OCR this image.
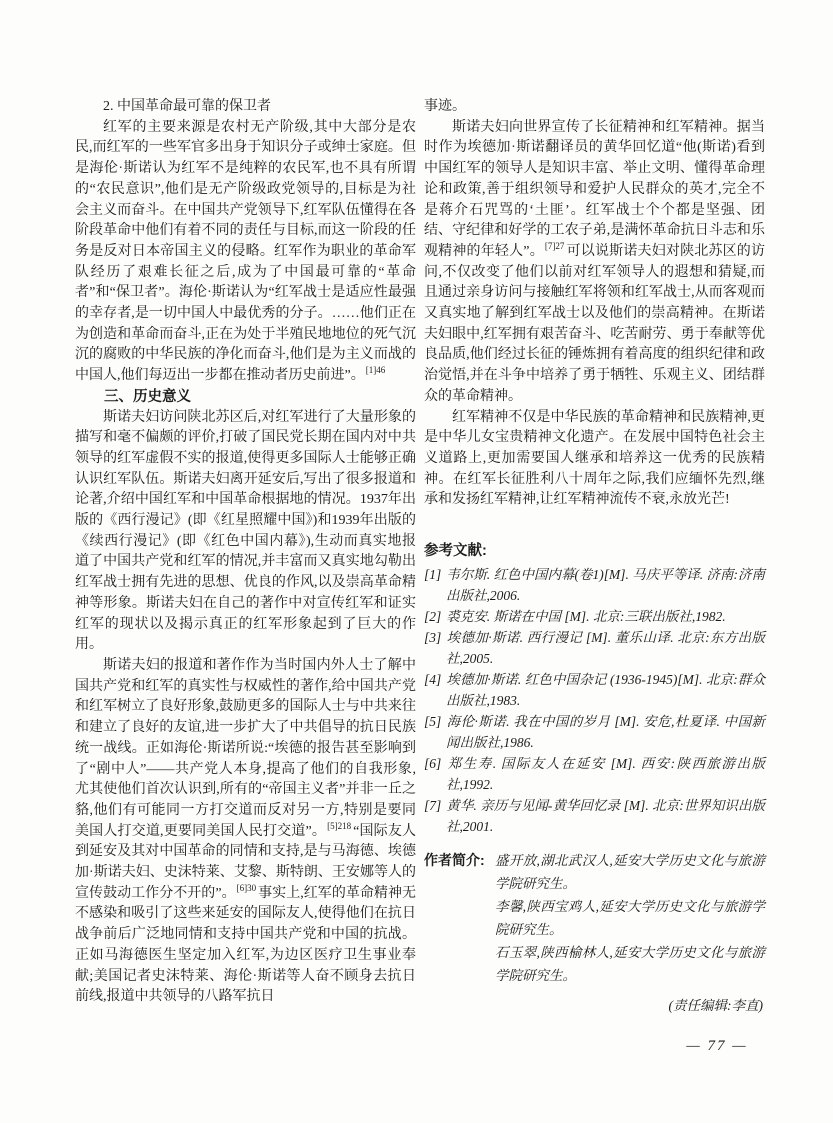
2. 中国革命最可靠的保卫者

红军的主要来源是农村无产阶级,其中大部分是农民,而红军的一些军官多出身于知识分子或绅士家庭。但是海伦·斯诺认为红军不是纯粹的农民军,也不具有所谓的“农民意识”,他们是无产阶级政党领导的,目标是为社会主义而奋斗。在中国共产党领导下,红军队伍懂得在各阶段革命中他们有着不同的责任与目标,而这一阶段的任务是反对日本帝国主义的侵略。红军作为职业的革命军队经历了艰难长征之后,成为了中国最可靠的“革命者”和“保卫者”。海伦·斯诺认为“红军战士是适应性最强的幸存者,是一切中国人中最优秀的分子。……他们正在为创造和革命而奋斗,正在为处于半殖民地地位的死气沉沉的腐败的中华民族的净化而奋斗,他们是为主义而战的中国人,他们每迈出一步都在推动者历史前进”。$^{[1]46}$

三、历史意义

斯诺夫妇访问陕北苏区后,对红军进行了大量形象的描写和毫不偏颇的评价,打破了国民党长期在国内对中共领导的红军虚假不实的报道,使得更多国际人士能够正确认识红军队伍。斯诺夫妇离开延安后,写出了很多报道和论著,介绍中国红军和中国革命根据地的情况。1937年出版的《西行漫记》(即《红星照耀中国》)和1939年出版的《续西行漫记》(即《红色中国内幕》),生动而真实地报道了中国共产党和红军的情况,并丰富而又真实地勾勒出红军战士拥有先进的思想、优良的作风,以及崇高革命精神等形象。斯诺夫妇在自己的著作中对宣传红军和证实红军的现状以及揭示真正的红军形象起到了巨大的作用。

斯诺夫妇的报道和著作作为当时国内外人士了解中国共产党和红军的真实性与权威性的著作,给中国共产党和红军树立了良好形象,鼓励更多的国际人士与中共来往和建立了良好的友谊,进一步扩大了中共倡导的抗日民族统一战线。正如海伦·斯诺所说:“埃德的报告甚至影响到了“剧中人”——共产党人本身,提高了他们的自我形象,尤其使他们首次认识到,所有的“帝国主义者”并非一丘之貉,他们有可能同一方打交道而反对另一方,特别是要同美国人打交道,更要同美国人民打交道”。$^{[5]218}$ “国际友人到延安及其对中国革命的同情和支持,是与马海德、埃德加·斯诺夫妇、史沫特莱、艾黎、斯特朗、王安娜等人的宣传鼓动工作分不开的”。$^{[6]30}$ 事实上,红军的革命精神无不感染和吸引了这些来延安的国际友人,使得他们在抗日战争前后广泛地同情和支持中国共产党和中国的抗战。正如马海德医生坚定加入红军,为边区医疗卫生事业奉献;美国记者史沫特莱、海伦·斯诺等人奋不顾身去抗日前线,报道中共领导的八路军抗日

事迹。

斯诺夫妇向世界宣传了长征精神和红军精神。据当时作为埃德加·斯诺翻译员的黄华回忆道“他(斯诺)看到中国红军的领导人是知识丰富、举止文明、懂得革命理论和政策,善于组织领导和爱护人民群众的英才,完全不是蒋介石咒骂的‘土匪’。红军战士个个都是坚强、团结、守纪律和好学的工农子弟,是满怀革命抗日斗志和乐观精神的年轻人”。$^{[7]27}$ 可以说斯诺夫妇对陕北苏区的访问,不仅改变了他们以前对红军领导人的遐想和猜疑,而且通过亲身访问与接触红军将领和红军战士,从而客观而又真实地了解到红军战士以及他们的崇高精神。在斯诺夫妇眼中,红军拥有艰苦奋斗、吃苦耐劳、勇于奉献等优良品质,他们经过长征的锤炼拥有着高度的组织纪律和政治觉悟,并在斗争中培养了勇于牺牲、乐观主义、团结群众的革命精神。

红军精神不仅是中华民族的革命精神和民族精神,更是中华儿女宝贵精神文化遗产。在发展中国特色社会主义道路上,更加需要国人继承和培养这一优秀的民族精神。在红军长征胜利八十周年之际,我们应缅怀先烈,继承和发扬红军精神,让红军精神流传不衰,永放光芒!

参考文献:
[1] 韦尔斯. 红色中国内幕(卷1)[M]. 马庆平等译. 济南:济南出版社,2006.
[2] 裘克安. 斯诺在中国 [M]. 北京:三联出版社,1982.
[3] 埃德加·斯诺. 西行漫记 [M]. 董乐山译. 北京:东方出版社,2005.
[4] 埃德加·斯诺. 红色中国杂记 (1936-1945)[M]. 北京:群众出版社,1983.
[5] 海伦·斯诺. 我在中国的岁月 [M]. 安危,杜夏译. 中国新闻出版社,1986.
[6] 郑生寿. 国际友人在延安 [M]. 西安:陕西旅游出版社,1992.
[7] 黄华. 亲历与见闻-黄华回忆录 [M]. 北京:世界知识出版社,2001.
作者简介: 盛开放,湖北武汉人,延安大学历史文化与旅游学院研究生。
李馨,陕西宝鸡人,延安大学历史文化与旅游学院研究生。
石玉翠,陕西榆林人,延安大学历史文化与旅游学院研究生。
(责任编辑:李直)
— 77 —
